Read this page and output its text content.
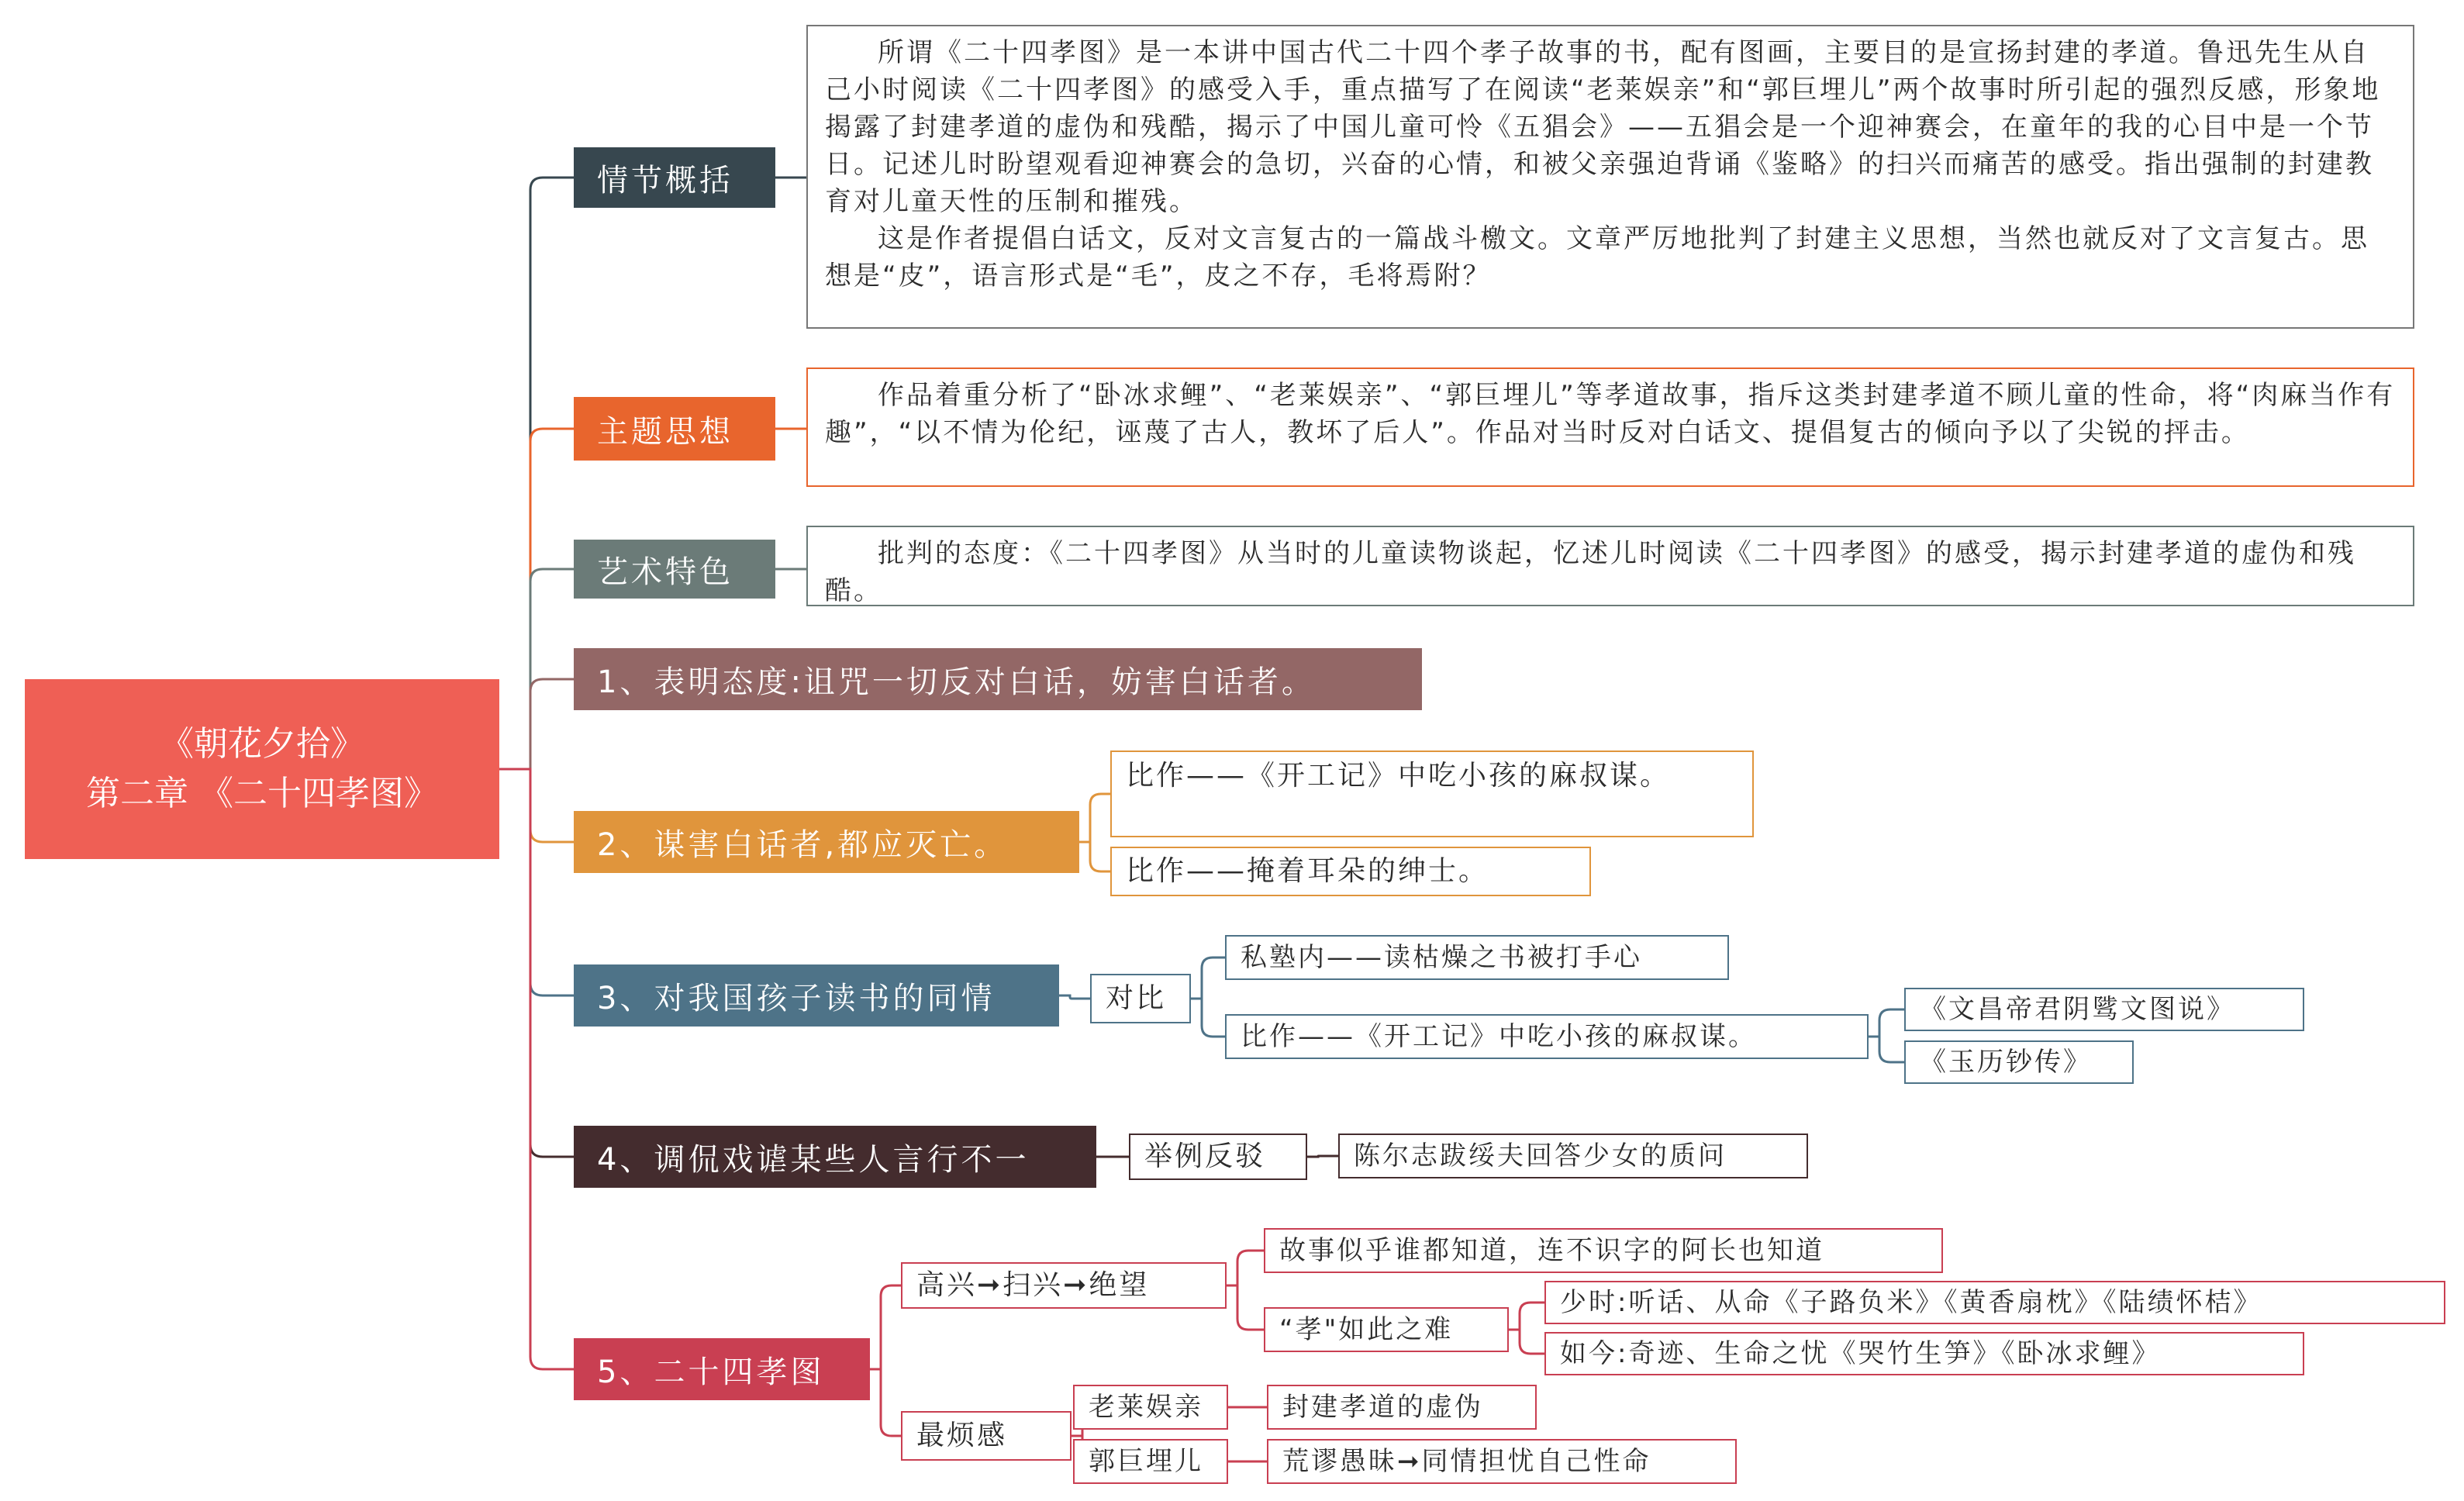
《朝花夕拾》
第二章 《二十四孝图》
情节概括

所谓《二十四孝图》是一本讲中国古代二十四个孝子故事的书，配有图画，主要目的是宣扬封建的孝道。鲁迅先生从自己小时阅读《二十四孝图》的感受入手，重点描写了在阅读“老莱娱亲”和“郭巨埋儿”两个故事时所引起的强烈反感，形象地揭露了封建孝道的虚伪和残酷，揭示了中国儿童可怜《五猖会》——五猖会是一个迎神赛会，在童年的我的心目中是一个节日。记述儿时盼望观看迎神赛会的急切，兴奋的心情，和被父亲强迫背诵《鉴略》的扫兴而痛苦的感受。指出强制的封建教育对儿童天性的压制和摧残。

这是作者提倡白话文，反对文言复古的一篇战斗檄文。文章严厉地批判了封建主义思想，当然也就反对了文言复古。思想是“皮”，语言形式是“毛”，皮之不存，毛将焉附？

主题思想

作品着重分析了“卧冰求鲤”、“老莱娱亲”、“郭巨埋儿”等孝道故事，指斥这类封建孝道不顾儿童的性命，将“肉麻当作有趣”，“以不情为伦纪，诬蔑了古人，教坏了后人”。作品对当时反对白话文、提倡复古的倾向予以了尖锐的抨击。

艺术特色

批判的态度：《二十四孝图》从当时的儿童读物谈起，忆述儿时阅读《二十四孝图》的感受，揭示封建孝道的虚伪和残酷。

1、表明态度:诅咒一切反对白话，妨害白话者。
2、谋害白话者,都应灭亡。
比作——《开工记》中吃小孩的麻叔谋。
比作——掩着耳朵的绅士。
3、对我国孩子读书的同情	对比
私塾内——读枯燥之书被打手心
比作——《开工记》中吃小孩的麻叔谋。
《文昌帝君阴骘文图说》
《玉历钞传》
4、调侃戏谑某些人言行不一	举例反驳	陈尔志跋绥夫回答少女的质问
5、二十四孝图
高兴➞扫兴➞绝望
故事似乎谁都知道，连不识字的阿长也知道
“孝"如此之难
少时:听话、从命《子路负米》《黄香扇枕》《陆绩怀桔》
如今:奇迹、生命之忧《哭竹生笋》《卧冰求鲤》
最烦感
老莱娱亲	封建孝道的虚伪
郭巨埋儿	荒谬愚昧➞同情担忧自己性命
